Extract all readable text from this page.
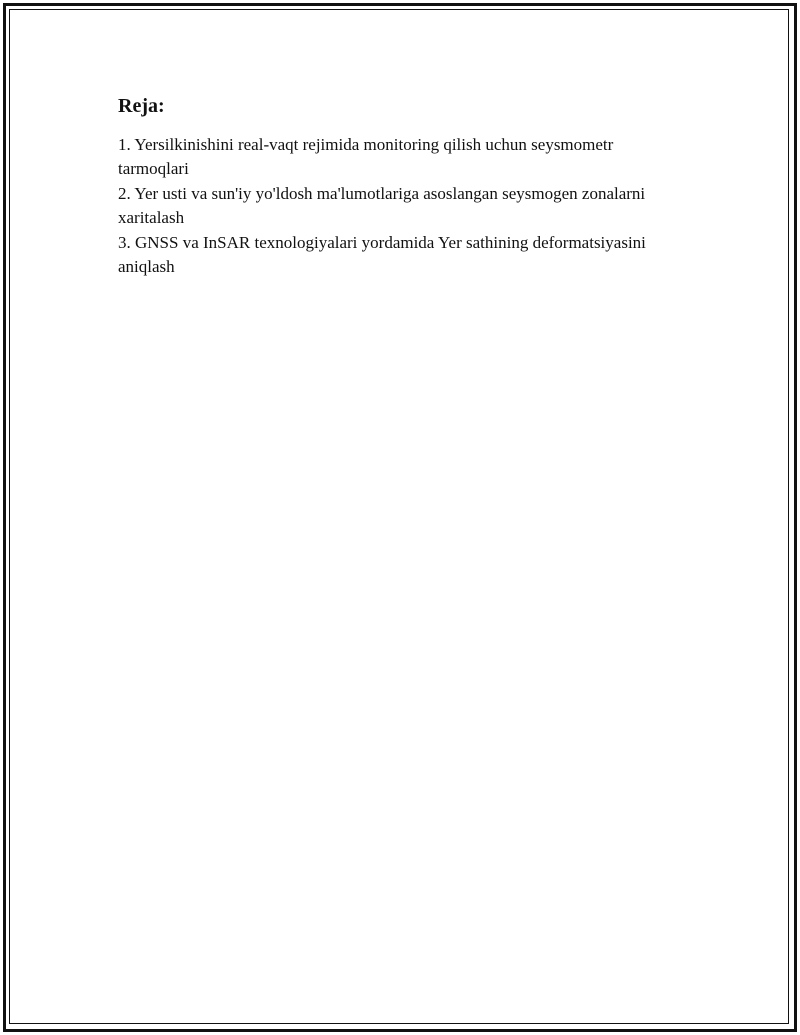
Reja:
1. Yersilkinishini real-vaqt rejimida monitoring qilish uchun seysmometr tarmoqlari
2. Yer usti va sun'iy yo'ldosh ma'lumotlariga asoslangan seysmogen zonalarni xaritalash
3. GNSS va InSAR texnologiyalari yordamida Yer sathining deformatsiyasini aniqlash
